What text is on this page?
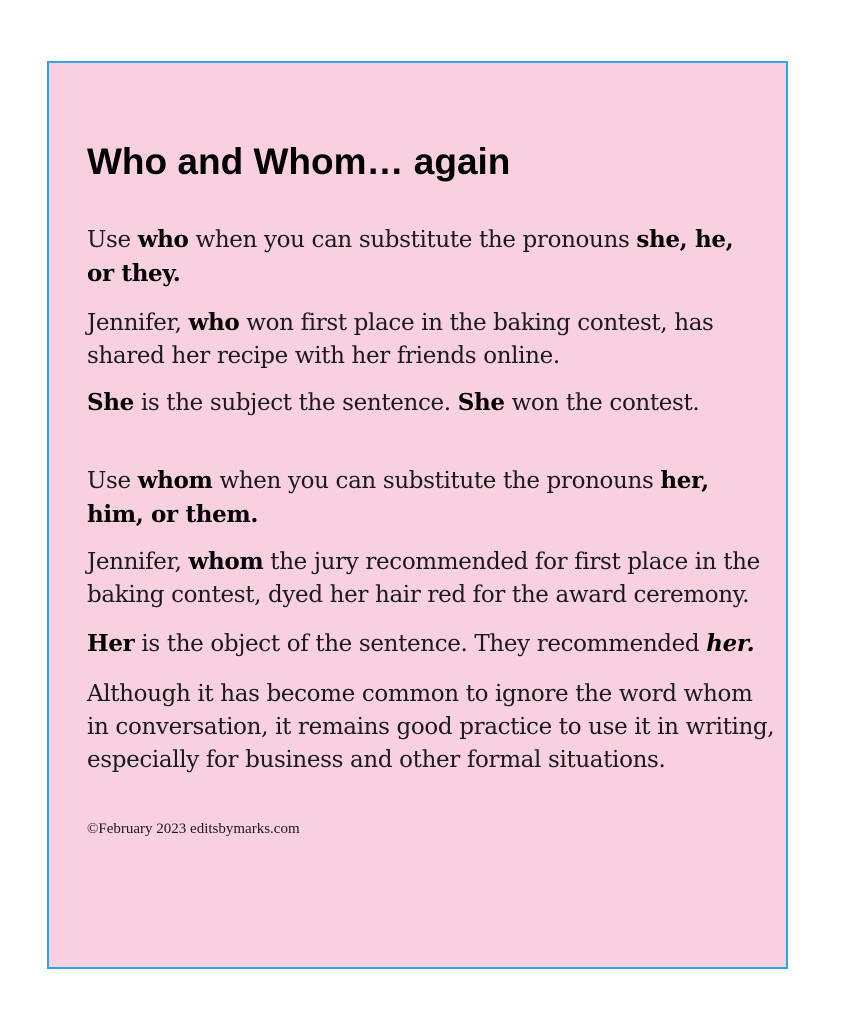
Who and Whom… again

Use who when you can substitute the pronouns she, he,
or they.

Jennifer, who won first place in the baking contest, has
shared her recipe with her friends online.

She is the subject the sentence. She won the contest.

Use whom when you can substitute the pronouns her,
him, or them.

Jennifer, whom the jury recommended for first place in the
baking contest, dyed her hair red for the award ceremony.

Her is the object of the sentence. They recommended her.

Although it has become common to ignore the word whom
in conversation, it remains good practice to use it in writing,
especially for business and other formal situations.

©February 2023 editsbymarks.com
